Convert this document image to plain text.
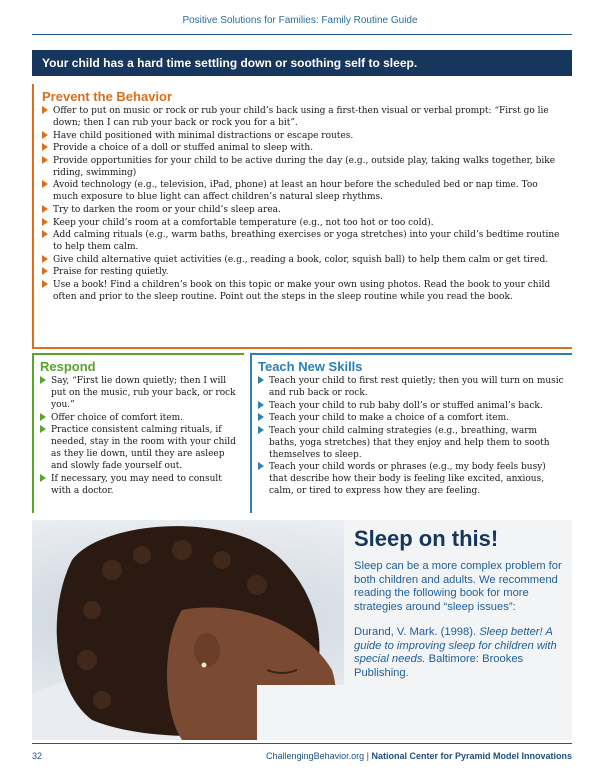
Positive Solutions for Families: Family Routine Guide
Your child has a hard time settling down or soothing self to sleep.
Prevent the Behavior
Offer to put on music or rock or rub your child’s back using a first-then visual or verbal prompt: “First go lie down; then I can rub your back or rock you for a bit”.
Have child positioned with minimal distractions or escape routes.
Provide a choice of a doll or stuffed animal to sleep with.
Provide opportunities for your child to be active during the day (e.g., outside play, taking walks together, bike riding, swimming)
Avoid technology (e.g., television, iPad, phone) at least an hour before the scheduled bed or nap time. Too much exposure to blue light can affect children’s natural sleep rhythms.
Try to darken the room or your child’s sleep area.
Keep your child’s room at a comfortable temperature (e.g., not too hot or too cold).
Add calming rituals (e.g., warm baths, breathing exercises or yoga stretches) into your child’s bedtime routine to help them calm.
Give child alternative quiet activities (e.g., reading a book, color, squish ball) to help them calm or get tired.
Praise for resting quietly.
Use a book! Find a children’s book on this topic or make your own using photos. Read the book to your child often and prior to the sleep routine. Point out the steps in the sleep routine while you read the book.
Respond
Say, “First lie down quietly; then I will put on the music, rub your back, or rock you.”
Offer choice of comfort item.
Practice consistent calming rituals, if needed, stay in the room with your child as they lie down, until they are asleep and slowly fade yourself out.
If necessary, you may need to consult with a doctor.
Teach New Skills
Teach your child to first rest quietly; then you will turn on music and rub back or rock.
Teach your child to rub baby doll’s or stuffed animal’s back.
Teach your child to make a choice of a comfort item.
Teach your child calming strategies (e.g., breathing, warm baths, yoga stretches) that they enjoy and help them to sooth themselves to sleep.
Teach your child words or phrases (e.g., my body feels busy) that describe how their body is feeling like excited, anxious, calm, or tired to express how they are feeling.
Sleep on this!
Sleep can be a more complex problem for both children and adults. We recommend reading the following book for more strategies around “sleep issues”:
Durand, V. Mark. (1998). Sleep better! A guide to improving sleep for children with special needs. Baltimore: Brookes Publishing.
32	ChallengingBehavior.org | National Center for Pyramid Model Innovations
